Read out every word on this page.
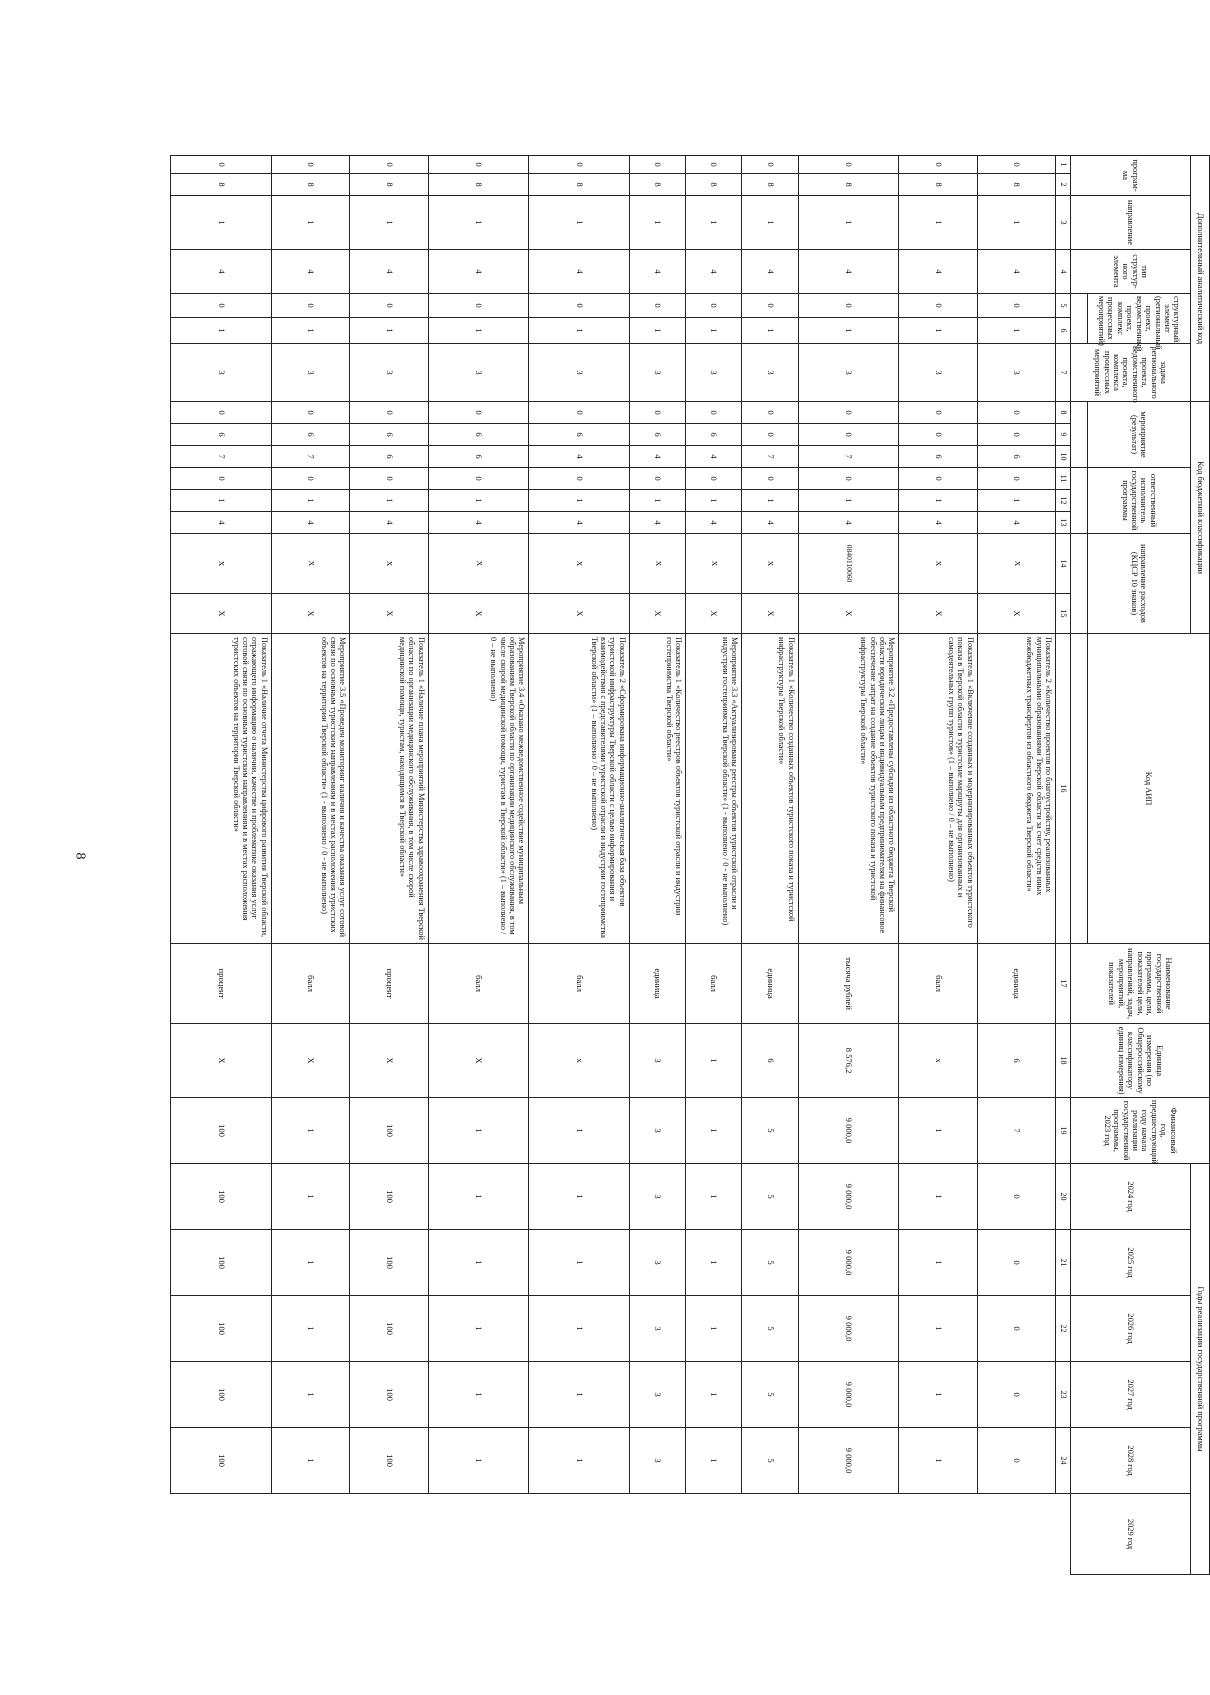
8
Дополнительный аналитический код							Код бюджетной классификации								Код АИП	Наименование государственной программы, цели, показателей цели, направлений, задач, мероприятий, показателей	Единица измерения (по Общероссийскому классификатору единиц измерения)	Финансовый год, предшествующий году начала реализации государственной программы, 2023 год	Годы реализации государственной программы					
програм-ма		направление	тип структур-ного элемента	структурный элемент (региональный проект, ведомственный проект, комплекс процессных мероприятий)		задача регионального проекта, ведомственного проекта, комплекса процессных мероприятий	мероприятие (результат)			ответственный исполнитель государственной программы			направление расходов (КЦСР 10 знаков)						2024 год	2025 год	2026 год	2027 год	2028 год	2029 год

1	2	3	4	5	6	7	8	9	10	11	12	13	14	15	16	17	18	19	20	21	22	23	24	
0	8	1	4	0	1	3	0	0	6	0	1	4	Х	Х	Показатель 2 «Количество проектов по благоустройству, реализованных муниципальными образованиями Тверской области за счет средств иных межбюджетных трансфертов из областного бюджета Тверской области»	единица	6	7	0	0	0	0	0	
0	8	1	4	0	1	3	0	0	6	0	1	4	Х	Х	Показатель 1 «Включение созданных и модернизированных объектов туристского показа в Тверской области в туристские маршруты для организованных и самодеятельных групп туристов» (1 – выполнено / 0 – не выполнено)	балл	х	1	1	1	1	1	1	
0	8	1	4	0	1	3	0	0	7	0	1	4	0840110060	Х	Мероприятие 3.2 «Предоставлены субсидии из областного бюджета Тверской области юридическим лицам и индивидуальным предпринимателям на финансовое обеспечение затрат на создание объектов туристского показа и туристской инфраструктуры Тверской области»	тысяча рублей	8 576,2	9 000,0	9 000,0	9 000,0	9 000,0	9 000,0	9 000,0	
0	8	1	4	0	1	3	0	0	7	0	1	4	Х	Х	Показатель 1 «Количество созданных объектов туристского показа и туристской инфраструктуры Тверской области»	единица	6	5	5	5	5	5	5	
0	8	1	4	0	1	3	0	6	4	0	1	4	Х	Х	Мероприятие 3.3 «Актуализированы реестры объектов туристской отрасли и индустрии гостеприимства Тверской области» (1 - выполнено / 0 - не выполнено)	балл	1	1	1	1	1	1	1	
0	8	1	4	0	1	3	0	6	4	0	1	4	Х	Х	Показатель 1 «Количество реестров объектов туристской отрасли и индустрии гостеприимства Тверской области»	единица	3	3	3	3	3	3	3	
0	8	1	4	0	1	3	0	6	4	0	1	4	Х	Х	Показатель 2 «Сформирована информационно-аналитическая база объектов туристской инфраструктуры Тверской области с целью информирования и взаимодействия с представителями туристской отрасли и индустрии гостеприимства Тверской области» (1 – выполнено / 0 – не выполнено)	балл	х	1	1	1	1	1	1	
0	8	1	4	0	1	3	0	6	6	0	1	4	Х	Х	Мероприятие 3.4 «Оказано межведомственное содействие муниципальным образованиям Тверской области по организации медицинского обслуживания, в том числе скорой медицинской помощи, туристам в Тверской области» (1 – выполнено / 0 – не выполнено)	балл	Х	1	1	1	1	1	1	
0	8	1	4	0	1	3	0	6	6	0	1	4	Х	Х	Показатель 1 «Наличие плана мероприятий Министерства здравоохранения Тверской области по организации медицинского обслуживания, в том числе скорой медицинской помощи, туристам, находящимся в Тверской области»	процент	Х	100	100	100	100	100	100	
0	8	1	4	0	1	3	0	6	7	0	1	4	Х	Х	Мероприятие 3.5 «Проведен мониторинг наличия и качества оказания услуг сотовой связи по основным туристским направлениям и в местах расположения туристских объектов на территории Тверской области» (1 - выполнено / 0 - не выполнено)	балл	Х	1	1	1	1	1	1	
0	8	1	4	0	1	3	0	6	7	0	1	4	Х	Х	Показатель 1 «Наличие отчета Министерства цифрового развития Тверской области, отражающего информацию о наличии, качестве и проблематике оказания услуг сотовой связи по основным туристским направлениям и в местах расположения туристских объектов на территории Тверской области»	процент	Х	100	100	100	100	100	100	
